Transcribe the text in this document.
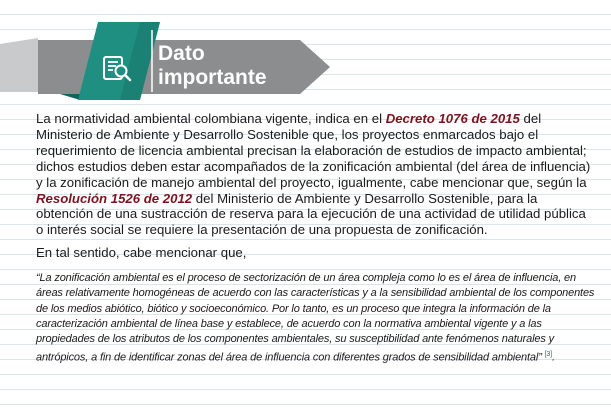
Dato
importante

La normatividad ambiental colombiana vigente, indica en el Decreto 1076 de 2015 del Ministerio de Ambiente y Desarrollo Sostenible que, los proyectos enmarcados bajo el requerimiento de licencia ambiental precisan la elaboración de estudios de impacto ambiental; dichos estudios deben estar acompañados de la zonificación ambiental (del área de influencia) y la zonificación de manejo ambiental del proyecto, igualmente, cabe mencionar que, según la Resolución 1526 de 2012 del Ministerio de Ambiente y Desarrollo Sostenible, para la obtención de una sustracción de reserva para la ejecución de una actividad de utilidad pública o interés social se requiere la presentación de una propuesta de zonificación.

En tal sentido, cabe mencionar que,

“La zonificación ambiental es el proceso de sectorización de un área compleja como lo es el área de influencia, en áreas relativamente homogéneas de acuerdo con las características y a la sensibilidad ambiental de los componentes de los medios abiótico, biótico y socioeconómico. Por lo tanto, es un proceso que integra la información de la caracterización ambiental de línea base y establece, de acuerdo con la normativa ambiental vigente y a las propiedades de los atributos de los componentes ambientales, su susceptibilidad ante fenómenos naturales y antrópicos, a fin de identificar zonas del área de influencia con diferentes grados de sensibilidad ambiental” [3].
